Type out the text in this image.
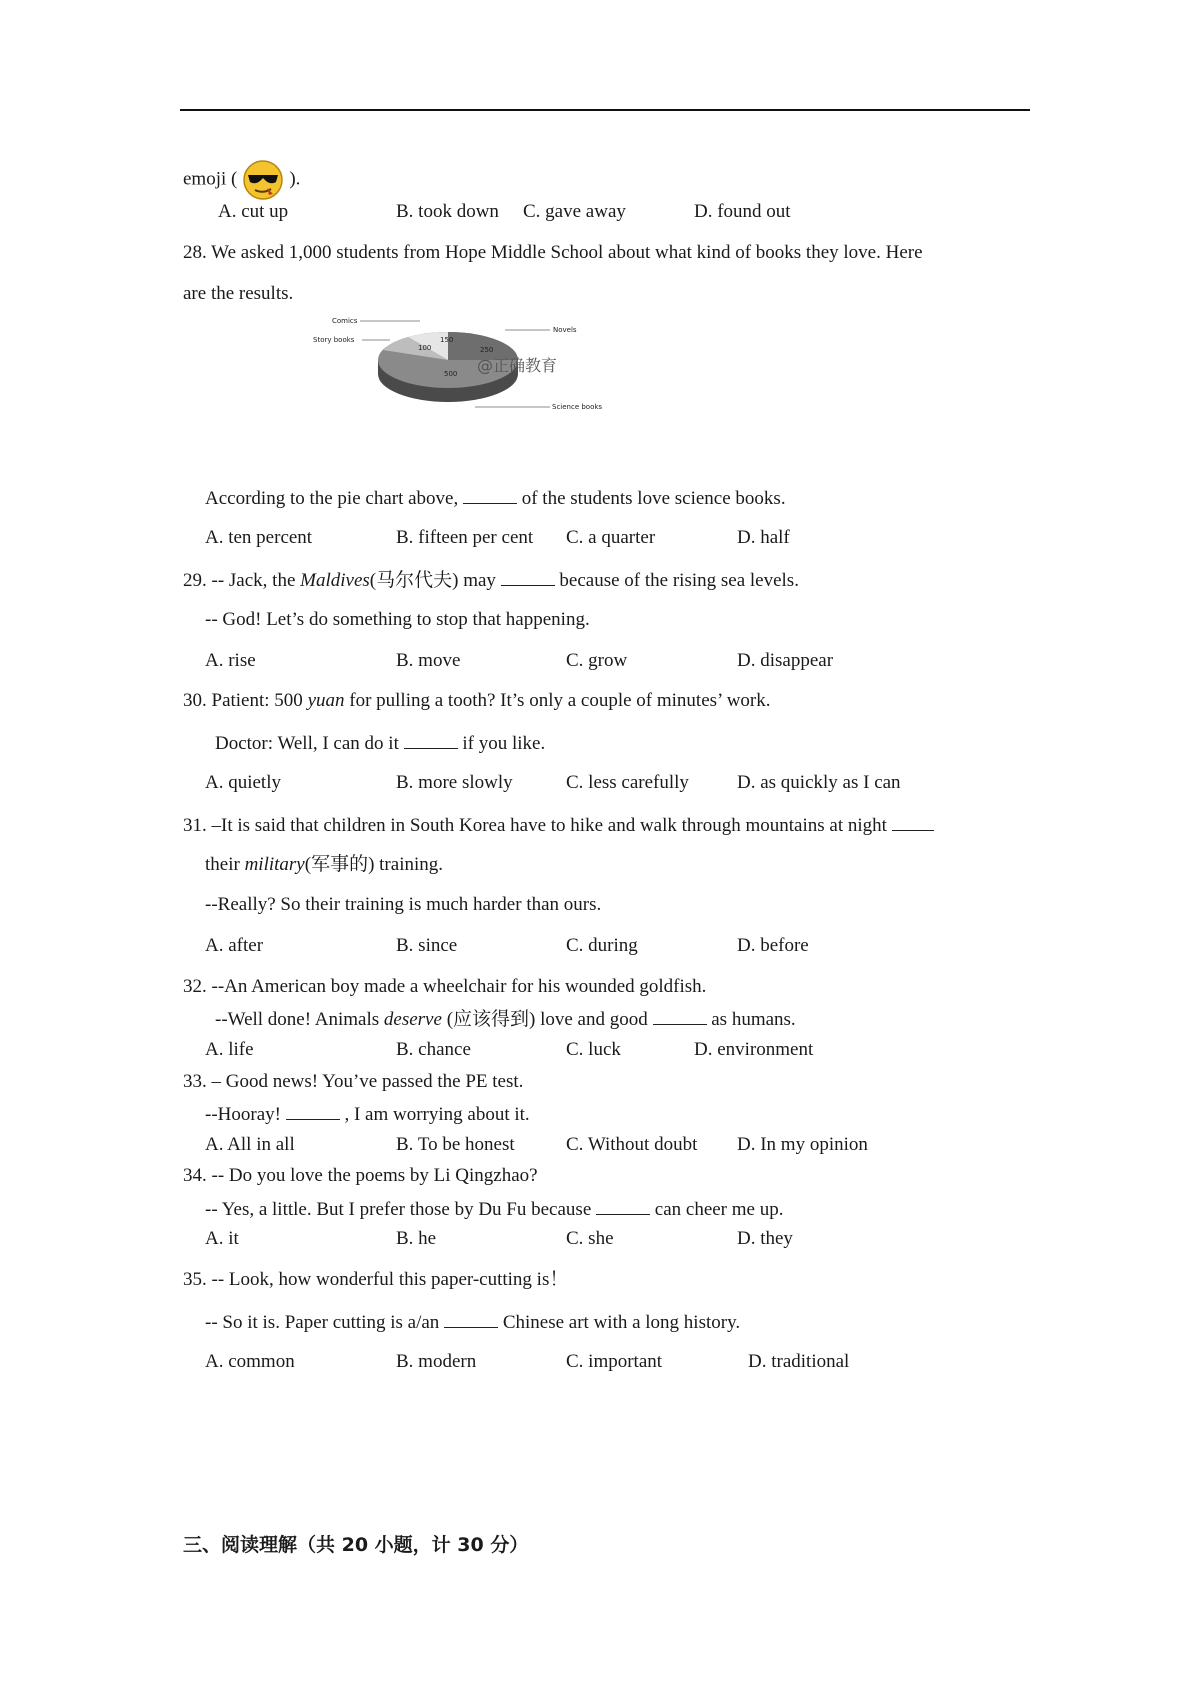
emoji (	).
A. cut up	B. took down C. gave away	D. found out
28. We asked 1,000 students from Hope Middle School about what kind of books they love. Here
are the results.
150
100	250
500
Comics
Story books
Novels
Science books
@正确教育
According to the pie chart above,	of the students love science books.
A. ten percent	B. fifteen per cent C. a quarter	D. half
29. -- Jack, the Maldives(马尔代夫) may	because of the rising sea levels.
-- God! Let’s do something to stop that happening.
A. rise	B. move	C. grow	D. disappear
30. Patient: 500 yuan for pulling a tooth? It’s only a couple of minutes’ work.
Doctor: Well, I can do it	if you like.
A. quietly	B. more slowly	C. less carefully	D. as quickly as I can
31. –It is said that children in South Korea have to hike and walk through mountains at night
their military(军事的) training.
--Really? So their training is much harder than ours.
A. after	B. since	C. during	D. before
32. --An American boy made a wheelchair for his wounded goldfish.
--Well done! Animals deserve (应该得到) love and good	as humans.
A. life	B. chance	C. luck	D. environment
33. – Good news! You’ve passed the PE test.
--Hooray!	, I am worrying about it.
A. All in all	B. To be honest	C. Without doubt D. In my opinion
34. -- Do you love the poems by Li Qingzhao?
-- Yes, a little. But I prefer those by Du Fu because	can cheer me up.
A. it	B. he	C. she	D. they
35. -- Look, how wonderful this paper-cutting is！
-- So it is. Paper cutting is a/an	Chinese art with a long history.
A. common	B. modern	C. important	D. traditional
三、阅读理解（共 20 小题，计 30 分）
